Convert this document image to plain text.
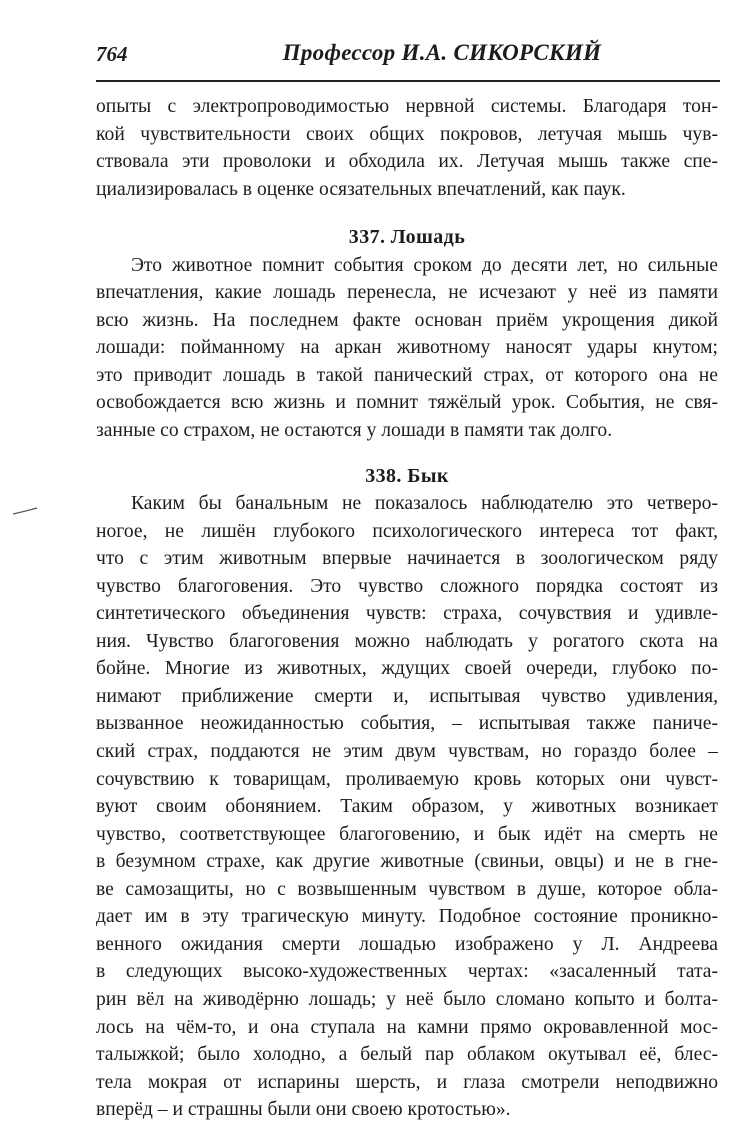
764	Профессор И.А. СИКОРСКИЙ
опыты с электропроводимостью нервной системы. Благодаря тон-
кой чувствительности своих общих покровов, летучая мышь чув-
ствовала эти проволоки и обходила их. Летучая мышь также спе-
циализировалась в оценке осязательных впечатлений, как паук.
337. Лошадь
Это животное помнит события сроком до десяти лет, но сильные
впечатления, какие лошадь перенесла, не исчезают у неё из памяти
всю жизнь. На последнем факте основан приём укрощения дикой
лошади: пойманному на аркан животному наносят удары кнутом;
это приводит лошадь в такой панический страх, от которого она не
освобождается всю жизнь и помнит тяжёлый урок. События, не свя-
занные со страхом, не остаются у лошади в памяти так долго.
338. Бык
Каким бы банальным не показалось наблюдателю это четверо-
ногое, не лишён глубокого психологического интереса тот факт,
что с этим животным впервые начинается в зоологическом ряду
чувство благоговения. Это чувство сложного порядка состоят из
синтетического объединения чувств: страха, сочувствия и удивле-
ния. Чувство благоговения можно наблюдать у рогатого скота на
бойне. Многие из животных, ждущих своей очереди, глубоко по-
нимают приближение смерти и, испытывая чувство удивления,
вызванное неожиданностью события, – испытывая также паниче-
ский страх, поддаются не этим двум чувствам, но гораздо более –
сочувствию к товарищам, проливаемую кровь которых они чувст-
вуют своим обонянием. Таким образом, у животных возникает
чувство, соответствующее благоговению, и бык идёт на смерть не
в безумном страхе, как другие животные (свиньи, овцы) и не в гне-
ве самозащиты, но с возвышенным чувством в душе, которое обла-
дает им в эту трагическую минуту. Подобное состояние проникно-
венного ожидания смерти лошадью изображено у Л. Андреева
в следующих высоко-художественных чертах: «засаленный тата-
рин вёл на живодёрню лошадь; у неё было сломано копыто и болта-
лось на чём-то, и она ступала на камни прямо окровавленной мос-
талыжкой; было холодно, а белый пар облаком окутывал её, блес-
тела мокрая от испарины шерсть, и глаза смотрели неподвижно
вперёд – и страшны были они своею кротостью».
